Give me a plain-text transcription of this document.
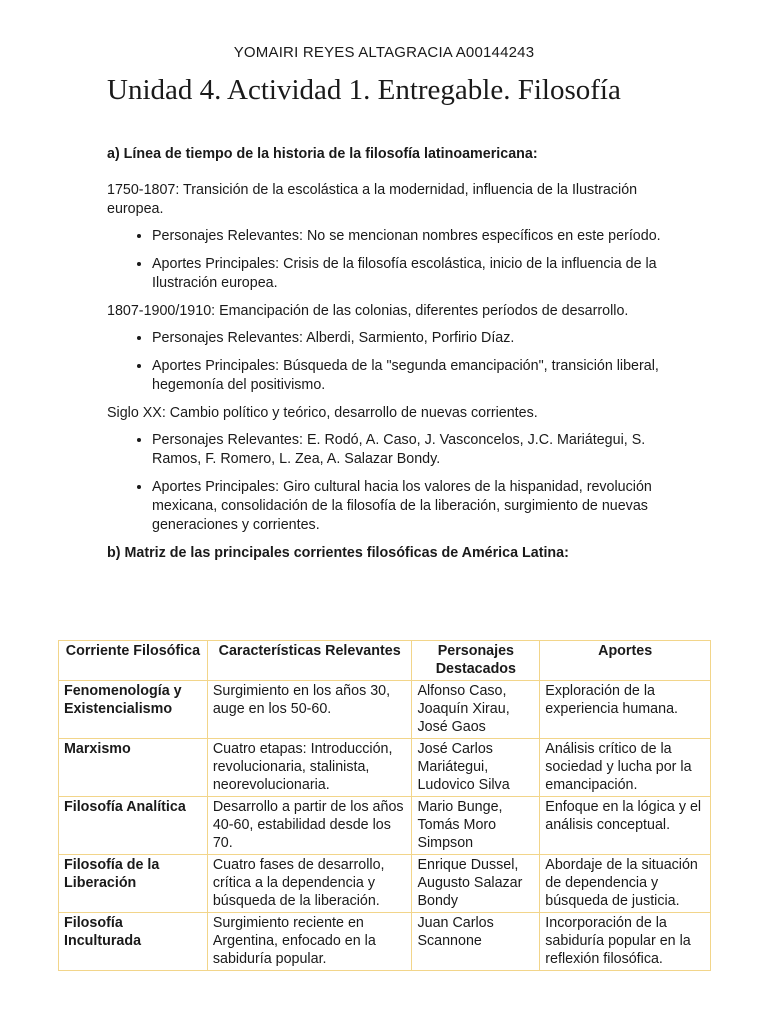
YOMAIRI REYES ALTAGRACIA A00144243
Unidad 4. Actividad 1. Entregable. Filosofía
a) Línea de tiempo de la historia de la filosofía latinoamericana:
1750-1807: Transición de la escolástica a la modernidad, influencia de la Ilustración europea.
• Personajes Relevantes: No se mencionan nombres específicos en este período.
• Aportes Principales: Crisis de la filosofía escolástica, inicio de la influencia de la Ilustración europea.
1807-1900/1910: Emancipación de las colonias, diferentes períodos de desarrollo.
• Personajes Relevantes: Alberdi, Sarmiento, Porfirio Díaz.
• Aportes Principales: Búsqueda de la "segunda emancipación", transición liberal, hegemonía del positivismo.
Siglo XX: Cambio político y teórico, desarrollo de nuevas corrientes.
• Personajes Relevantes: E. Rodó, A. Caso, J. Vasconcelos, J.C. Mariátegui, S. Ramos, F. Romero, L. Zea, A. Salazar Bondy.
• Aportes Principales: Giro cultural hacia los valores de la hispanidad, revolución mexicana, consolidación de la filosofía de la liberación, surgimiento de nuevas generaciones y corrientes.
b) Matriz de las principales corrientes filosóficas de América Latina:
Corriente Filosófica	Características Relevantes	Personajes Destacados	Aportes
Fenomenología y Existencialismo	Surgimiento en los años 30, auge en los 50-60.	Alfonso Caso, Joaquín Xirau, José Gaos	Exploración de la experiencia humana.
Marxismo	Cuatro etapas: Introducción, revolucionaria, stalinista, neorevolucionaria.	José Carlos Mariátegui, Ludovico Silva	Análisis crítico de la sociedad y lucha por la emancipación.
Filosofía Analítica	Desarrollo a partir de los años 40-60, estabilidad desde los 70.	Mario Bunge, Tomás Moro Simpson	Enfoque en la lógica y el análisis conceptual.
Filosofía de la Liberación	Cuatro fases de desarrollo, crítica a la dependencia y búsqueda de la liberación.	Enrique Dussel, Augusto Salazar Bondy	Abordaje de la situación de dependencia y búsqueda de justicia.
Filosofía Inculturada	Surgimiento reciente en Argentina, enfocado en la sabiduría popular.	Juan Carlos Scannone	Incorporación de la sabiduría popular en la reflexión filosófica.
